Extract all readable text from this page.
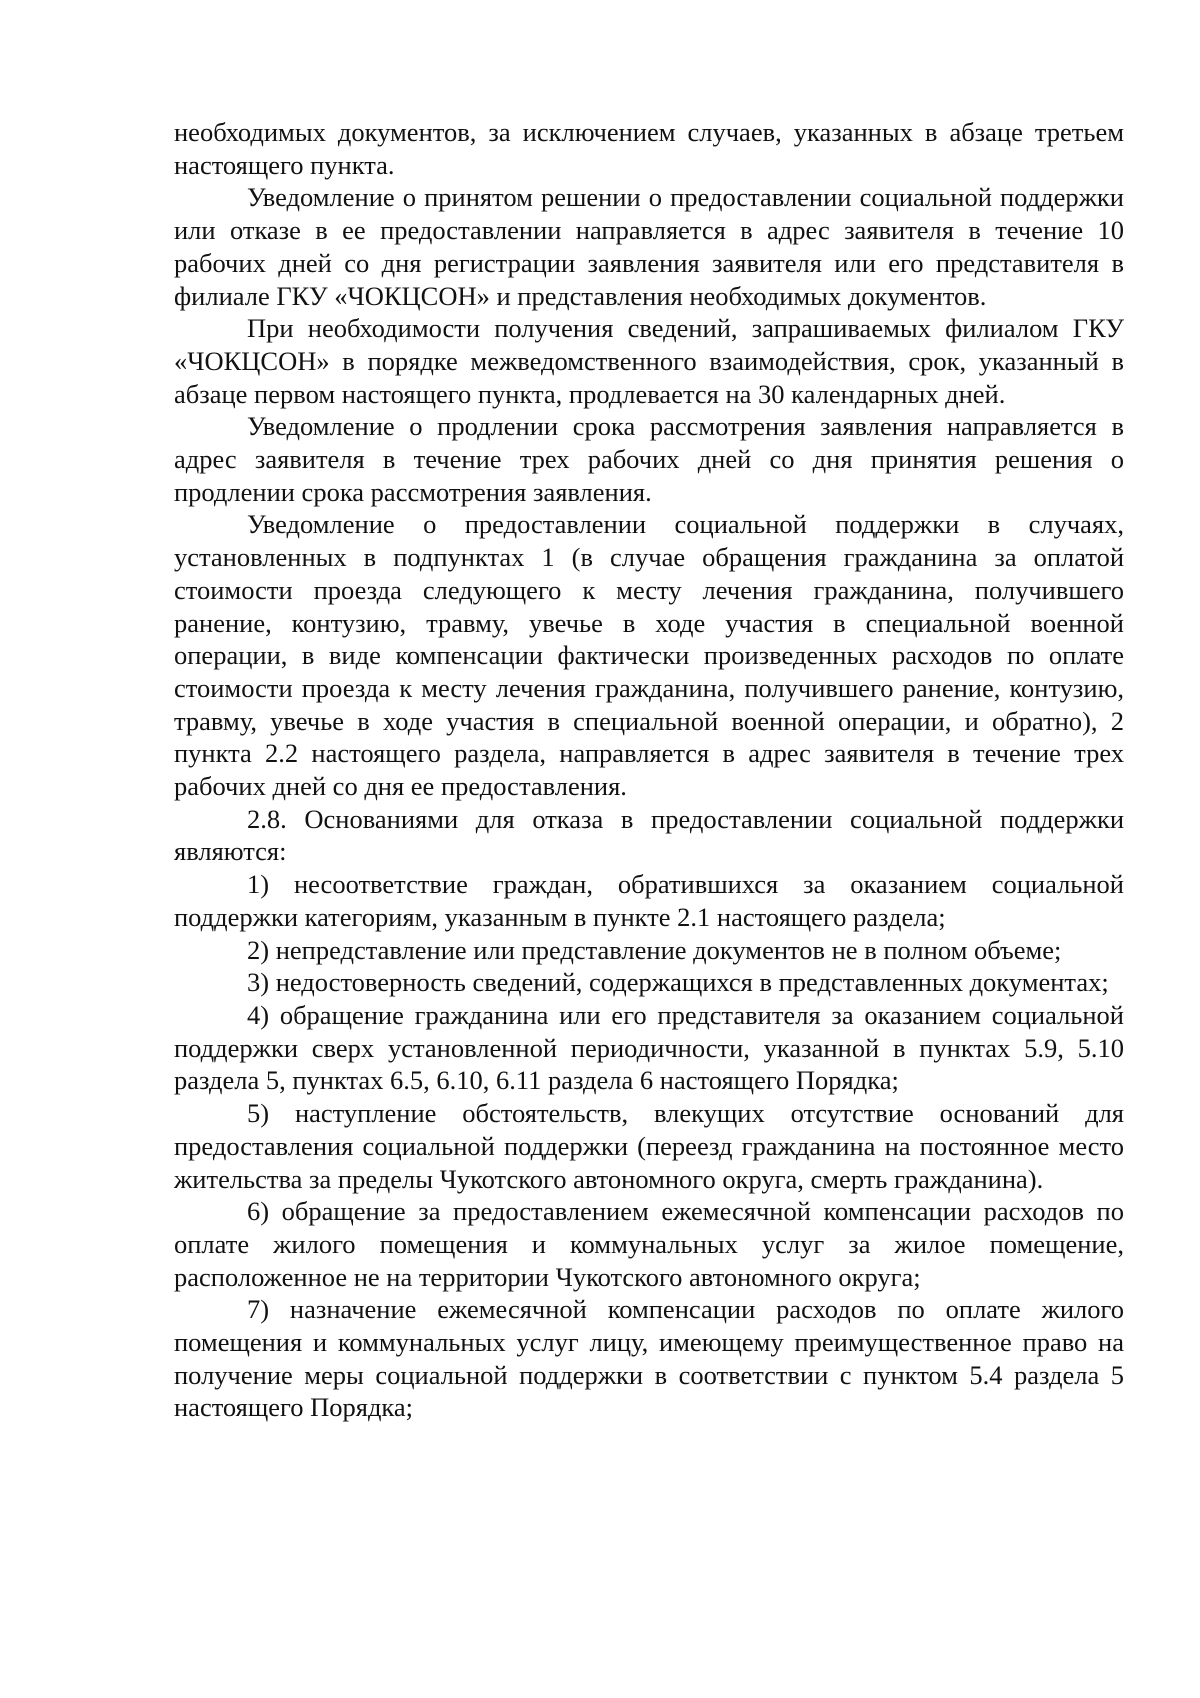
необходимых документов, за исключением случаев, указанных в абзаце третьем настоящего пункта.

Уведомление о принятом решении о предоставлении социальной поддержки или отказе в ее предоставлении направляется в адрес заявителя в течение 10 рабочих дней со дня регистрации заявления заявителя или его представителя в филиале ГКУ «ЧОКЦСОН» и представления необходимых документов.

При необходимости получения сведений, запрашиваемых филиалом ГКУ «ЧОКЦСОН» в порядке межведомственного взаимодействия, срок, указанный в абзаце первом настоящего пункта, продлевается на 30 календарных дней.

Уведомление о продлении срока рассмотрения заявления направляется в адрес заявителя в течение трех рабочих дней со дня принятия решения о продлении срока рассмотрения заявления.

Уведомление о предоставлении социальной поддержки в случаях, установленных в подпунктах 1 (в случае обращения гражданина за оплатой стоимости проезда следующего к месту лечения гражданина, получившего ранение, контузию, травму, увечье в ходе участия в специальной военной операции, в виде компенсации фактически произведенных расходов по оплате стоимости проезда к месту лечения гражданина, получившего ранение, контузию, травму, увечье в ходе участия в специальной военной операции, и обратно), 2 пункта 2.2 настоящего раздела, направляется в адрес заявителя в течение трех рабочих дней со дня ее предоставления.

2.8. Основаниями для отказа в предоставлении социальной поддержки являются:

1) несоответствие граждан, обратившихся за оказанием социальной поддержки категориям, указанным в пункте 2.1 настоящего раздела;

2) непредставление или представление документов не в полном объеме;

3) недостоверность сведений, содержащихся в представленных документах;

4) обращение гражданина или его представителя за оказанием социальной поддержки сверх установленной периодичности, указанной в пунктах 5.9, 5.10 раздела 5, пунктах 6.5, 6.10, 6.11 раздела 6 настоящего Порядка;

5) наступление обстоятельств, влекущих отсутствие оснований для предоставления социальной поддержки (переезд гражданина на постоянное место жительства за пределы Чукотского автономного округа, смерть гражданина).

6) обращение за предоставлением ежемесячной компенсации расходов по оплате жилого помещения и коммунальных услуг за жилое помещение, расположенное не на территории Чукотского автономного округа;

7) назначение ежемесячной компенсации расходов по оплате жилого помещения и коммунальных услуг лицу, имеющему преимущественное право на получение меры социальной поддержки в соответствии с пунктом 5.4 раздела 5 настоящего Порядка;
